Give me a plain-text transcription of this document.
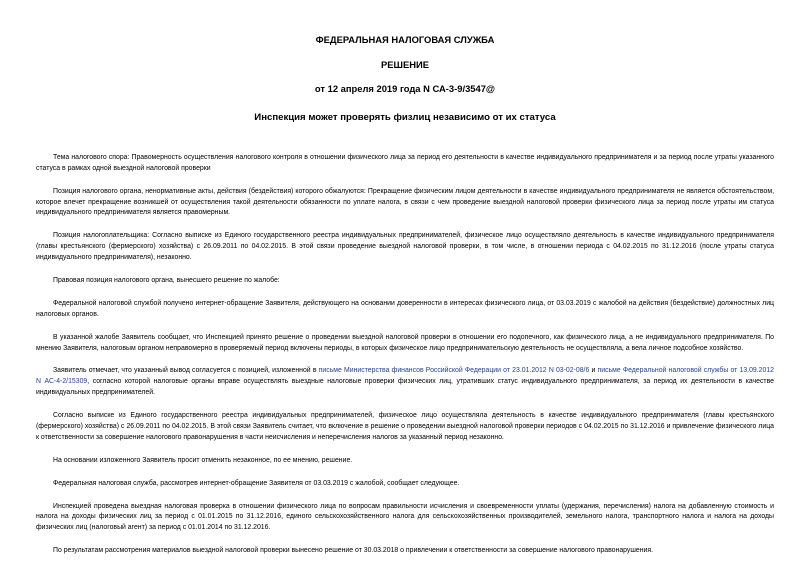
ФЕДЕРАЛЬНАЯ НАЛОГОВАЯ СЛУЖБА
РЕШЕНИЕ
от 12 апреля 2019 года N СА-3-9/3547@
Инспекция может проверять физлиц независимо от их статуса

Тема налогового спора: Правомерность осуществления налогового контроля в отношении физического лица за период его деятельности в качестве индивидуального предпринимателя и за период после утраты указанного статуса в рамках одной выездной налоговой проверки

Позиция налогового органа, ненормативные акты, действия (бездействия) которого обжалуются: Прекращение физическим лицом деятельности в качестве индивидуального предпринимателя не является обстоятельством, которое влечет прекращение возникшей от осуществления такой деятельности обязанности по уплате налога, в связи с чем проведение выездной налоговой проверки физического лица за период после утраты им статуса индивидуального предпринимателя является правомерным.

Позиция налогоплательщика: Согласно выписке из Единого государственного реестра индивидуальных предпринимателей, физическое лицо осуществляло деятельность в качестве индивидуального предпринимателя (главы крестьянского (фермерского) хозяйства) с 26.09.2011 по 04.02.2015. В этой связи проведение выездной налоговой проверки, в том числе, в отношении периода с 04.02.2015 по 31.12.2016 (после утраты статуса индивидуального предпринимателя), незаконно.

Правовая позиция налогового органа, вынесшего решение по жалобе:

Федеральной налоговой службой получено интернет-обращение Заявителя, действующего на основании доверенности в интересах физического лица, от 03.03.2019 с жалобой на действия (бездействие) должностных лиц налоговых органов.

В указанной жалобе Заявитель сообщает, что Инспекцией принято решение о проведении выездной налоговой проверки в отношении его подопечного, как физического лица, а не индивидуального предпринимателя. По мнению Заявителя, налоговым органом неправомерно в проверяемый период включены периоды, в которых физическое лицо предпринимательскую деятельность не осуществляла, а вела личное подсобное хозяйство.

Заявитель отмечает, что указанный вывод согласуется с позицией, изложенной в письме Министерства финансов Российской Федерации от 23.01.2012 N 03-02-08/6 и письме Федеральной налоговой службы от 13.09.2012 N АС-4-2/15309, согласно которой налоговые органы вправе осуществлять выездные налоговые проверки физических лиц, утративших статус индивидуального предпринимателя, за период их деятельности в качестве индивидуальных предпринимателей.

Согласно выписке из Единого государственного реестра индивидуальных предпринимателей, физическое лицо осуществляла деятельность в качестве индивидуального предпринимателя (главы крестьянского (фермерского) хозяйства) с 26.09.2011 по 04.02.2015. В этой связи Заявитель считает, что включение в решение о проведении выездной налоговой проверки периодов с 04.02.2015 по 31.12.2016 и привлечение физического лица к ответственности за совершение налогового правонарушения в части неисчисления и неперечисления налогов за указанный период незаконно.

На основании изложенного Заявитель просит отменить незаконное, по ее мнению, решение.

Федеральная налоговая служба, рассмотрев интернет-обращение Заявителя от 03.03.2019 с жалобой, сообщает следующее.

Инспекцией проведена выездная налоговая проверка в отношении физического лица по вопросам правильности исчисления и своевременности уплаты (удержания, перечисления) налога на добавленную стоимость и налога на доходы физических лиц за период с 01.01.2015 по 31.12.2016, единого сельскохозяйственного налога для сельскохозяйственных производителей, земельного налога, транспортного налога и налога на доходы физических лиц (налоговый агент) за период с 01.01.2014 по 31.12.2016.

По результатам рассмотрения материалов выездной налоговой проверки вынесено решение от 30.03.2018 о привлечении к ответственности за совершение налогового правонарушения.
